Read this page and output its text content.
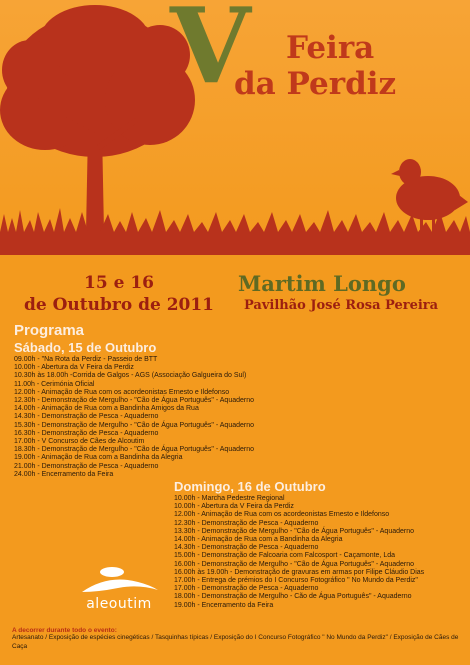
V Feira
da Perdiz
15 e 16
de Outubro de 2011
Martim Longo
Pavilhão José Rosa Pereira
Programa
Sábado, 15 de Outubro
09.00h - "Na Rota da Perdiz - Passeio de BTT
10.00h - Abertura da V Feira da Perdiz
10.30h às 18.00h -Corrida de Galgos - AGS (Associação Galgueira do Sul)
11.00h - Cerimónia Oficial
12.00h - Animação de Rua com os acordeonistas Ernesto e Ildefonso
12.30h - Demonstração de Mergulho - "Cão de Água Português" - Aquaderno
14.00h - Animação de Rua com a Bandinha Amigos da Rua
14.30h - Demonstração de Pesca - Aquaderno
15.30h - Demonstração de Mergulho - "Cão de Água Português" - Aquaderno
16.30h - Demonstração de Pesca - Aquaderno
17.00h - V Concurso de Cães de Alcoutim
18.30h - Demonstração de Mergulho - "Cão de Água Português" - Aquaderno
19.00h - Animação de Rua com a Bandinha da Alegria
21.00h - Demonstração de Pesca - Aquaderno
24.00h - Encerramento da Feira
Domingo, 16 de Outubro
10.00h - Marcha Pedestre Regional
10.00h - Abertura da V Feira da Perdiz
12.00h - Animação de Rua com os acordeonistas Ernesto e Ildefonso
12.30h - Demonstração de Pesca - Aquaderno
13.30h - Demonstração de Mergulho - "Cão de Água Português" - Aquaderno
14.00h - Animação de Rua com a Bandinha da Alegria
14.30h - Demonstração de Pesca - Aquaderno
15.00h - Demonstração de Falcoaria com Falcosport - Caçamonte, Lda
16.00h - Demonstração de Mergulho - "Cão de Água Português" - Aquaderno
16.00h às 19.00h - Demonstração de gravuras em armas por Filipe Cláudio Dias
17.00h - Entrega de prémios do I Concurso Fotográfico " No Mundo da Perdiz"
17.00h - Demonstração de Pesca - Aquaderno
18.00h - Demonstração de Mergulho - Cão de Água Português" - Aquaderno
19.00h - Encerramento da Feira
aleoutim
A decorrer durante todo o evento:
Artesanato / Exposição de espécies cinegéticas / Tasquinhas típicas / Exposição do I Concurso Fotográfico " No Mundo da Perdiz" / Exposição de Cães de Caça
